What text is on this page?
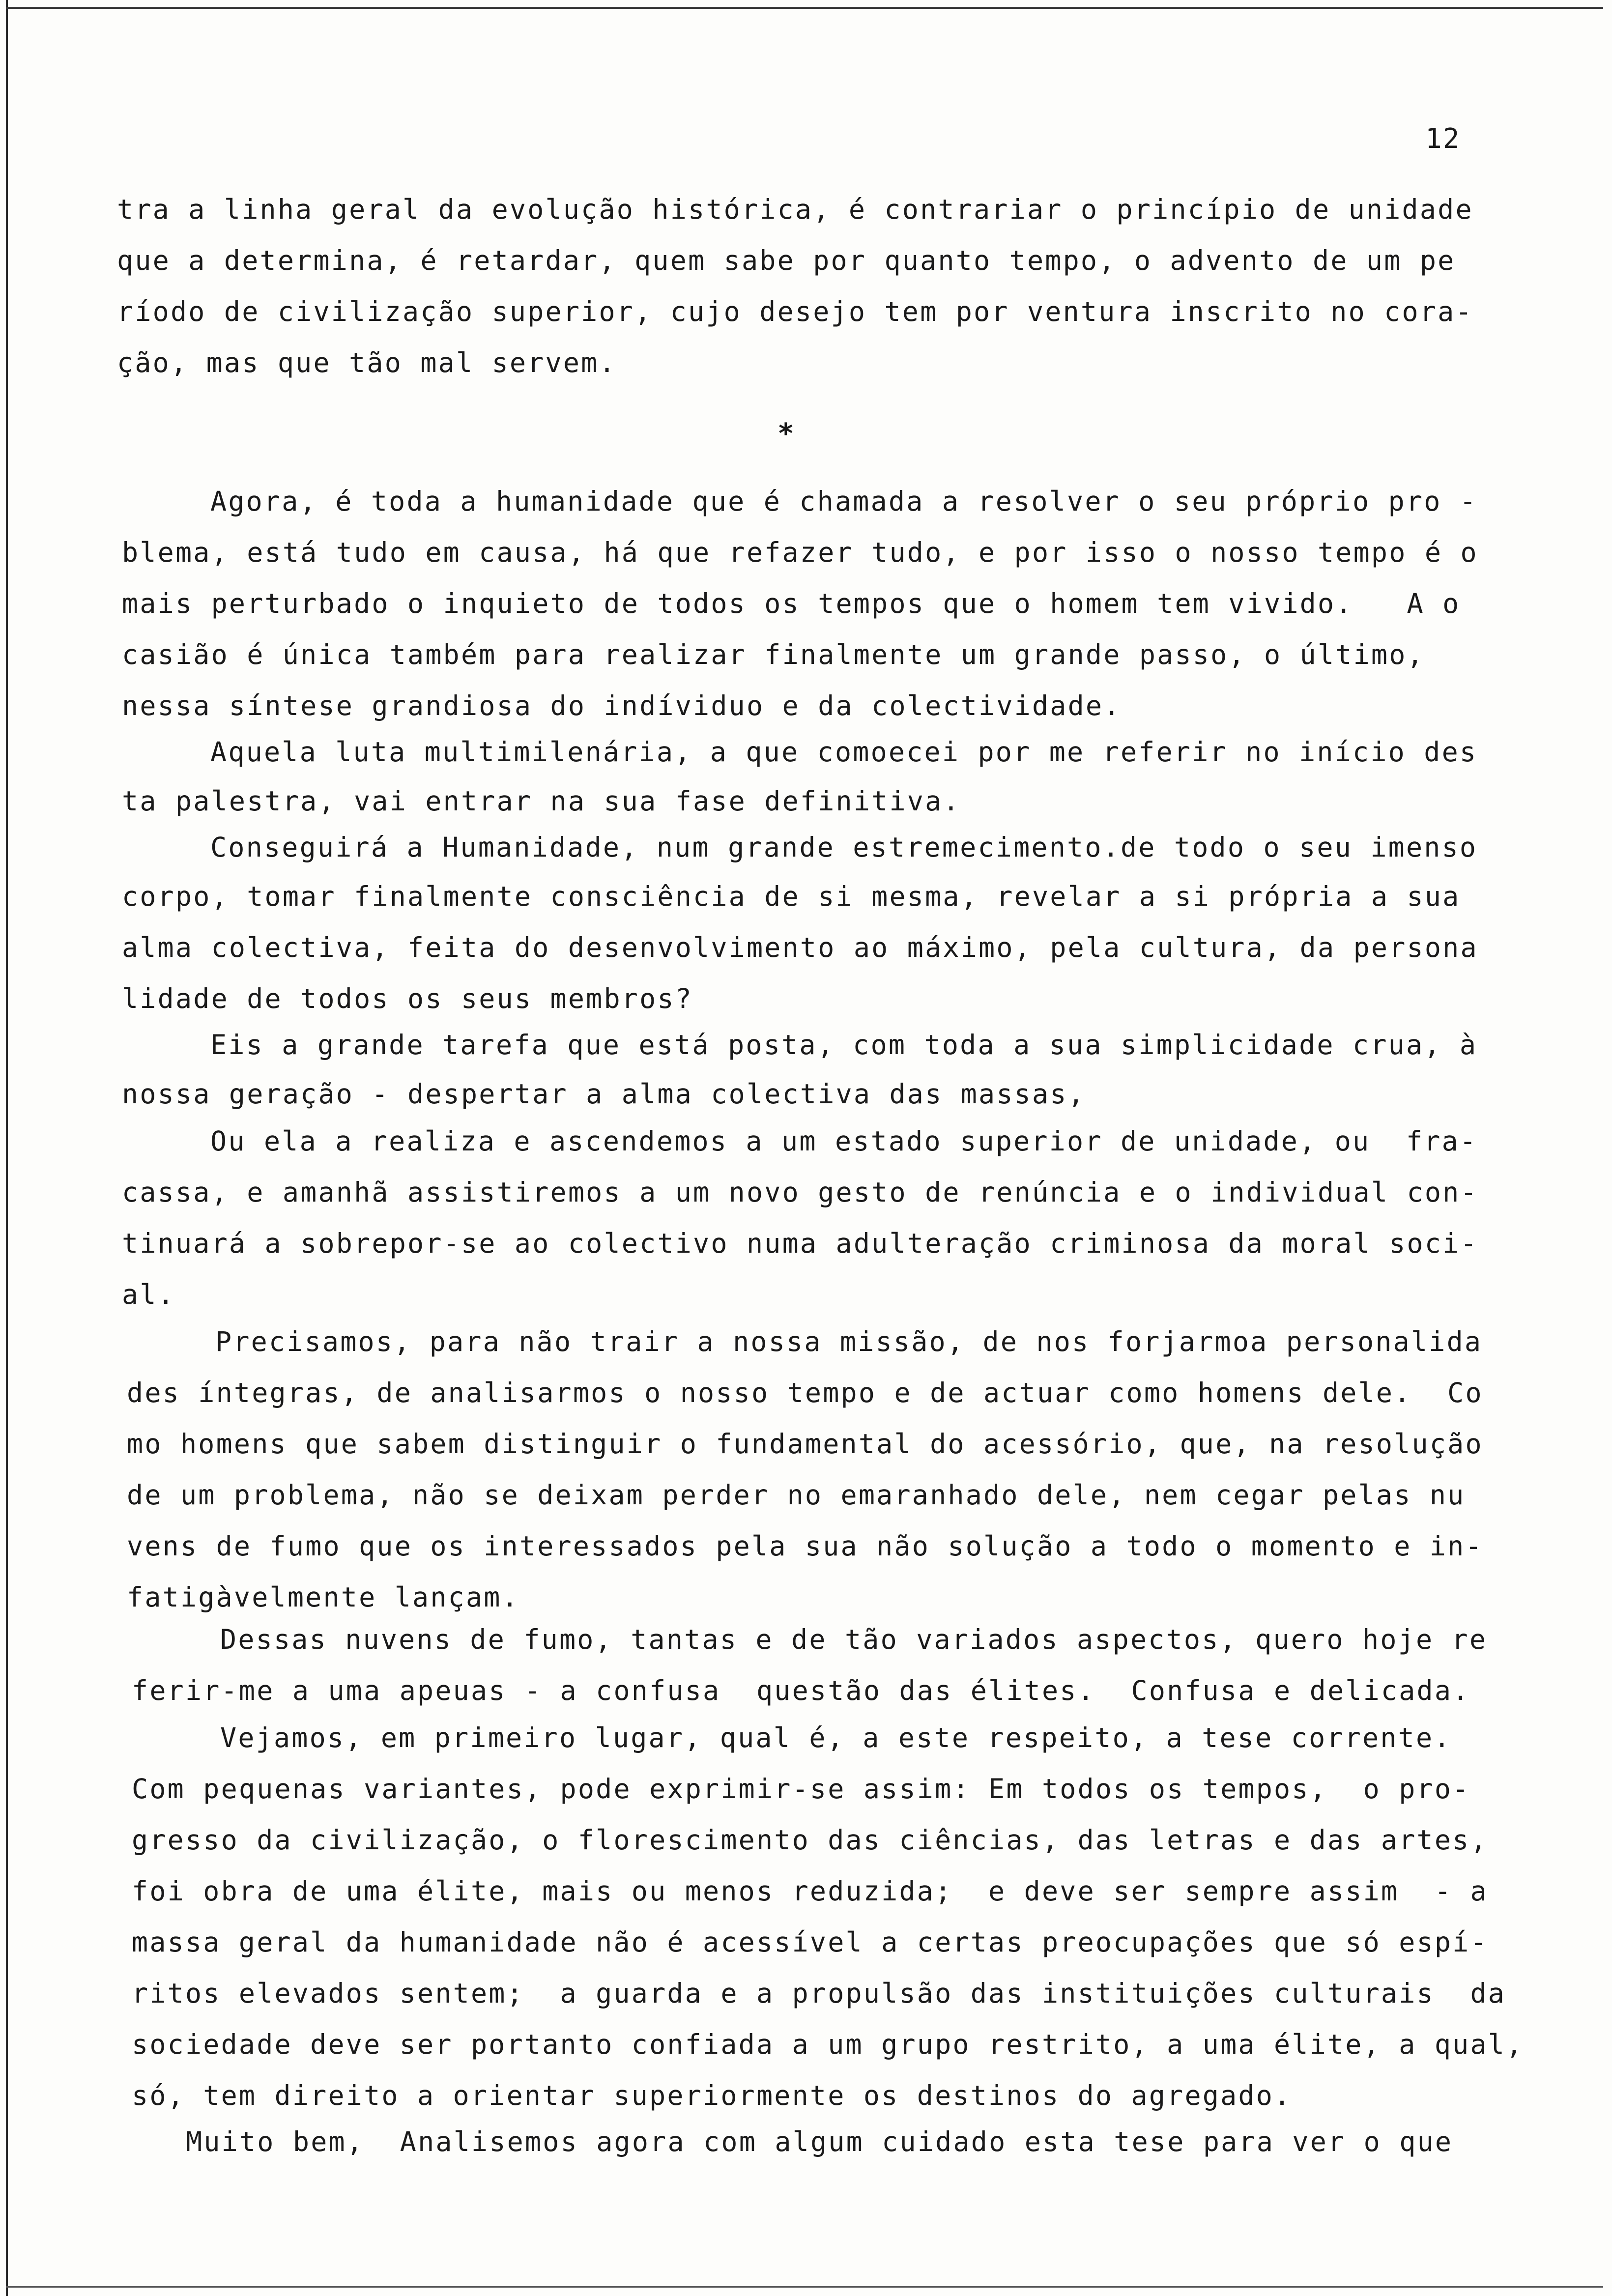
12
tra a linha geral da evolução histórica, é contrariar o princípio de unidade
que a determina, é retardar, quem sabe por quanto tempo, o advento de um pe
ríodo de civilização superior, cujo desejo tem por ventura inscrito no cora-
ção, mas que tão mal servem.
*
Agora, é toda a humanidade que é chamada a resolver o seu próprio pro -
blema, está tudo em causa, há que refazer tudo, e por isso o nosso tempo é o
mais perturbado o inquieto de todos os tempos que o homem tem vivido.   A o
casião é única também para realizar finalmente um grande passo, o último,
nessa síntese grandiosa do indíviduo e da colectividade.
Aquela luta multimilenária, a que comoecei por me referir no início des
ta palestra, vai entrar na sua fase definitiva.
Conseguirá a Humanidade, num grande estremecimento.de todo o seu imenso
corpo, tomar finalmente consciência de si mesma, revelar a si própria a sua
alma colectiva, feita do desenvolvimento ao máximo, pela cultura, da persona
lidade de todos os seus membros?
Eis a grande tarefa que está posta, com toda a sua simplicidade crua, à
nossa geração - despertar a alma colectiva das massas,
Ou ela a realiza e ascendemos a um estado superior de unidade, ou  fra-
cassa, e amanhã assistiremos a um novo gesto de renúncia e o individual con-
tinuará a sobrepor-se ao colectivo numa adulteração criminosa da moral soci-
al.
Precisamos, para não trair a nossa missão, de nos forjarmoa personalida
des íntegras, de analisarmos o nosso tempo e de actuar como homens dele.  Co
mo homens que sabem distinguir o fundamental do acessório, que, na resolução
de um problema, não se deixam perder no emaranhado dele, nem cegar pelas nu
vens de fumo que os interessados pela sua não solução a todo o momento e in-
fatigàvelmente lançam.
Dessas nuvens de fumo, tantas e de tão variados aspectos, quero hoje re
ferir-me a uma apeuas - a confusa  questão das élites.  Confusa e delicada.
Vejamos, em primeiro lugar, qual é, a este respeito, a tese corrente.
Com pequenas variantes, pode exprimir-se assim: Em todos os tempos,  o pro-
gresso da civilização, o florescimento das ciências, das letras e das artes,
foi obra de uma élite, mais ou menos reduzida;  e deve ser sempre assim  - a
massa geral da humanidade não é acessível a certas preocupações que só espí-
ritos elevados sentem;  a guarda e a propulsão das instituições culturais  da
sociedade deve ser portanto confiada a um grupo restrito, a uma élite, a qual,
só, tem direito a orientar superiormente os destinos do agregado.
Muito bem,  Analisemos agora com algum cuidado esta tese para ver o que
